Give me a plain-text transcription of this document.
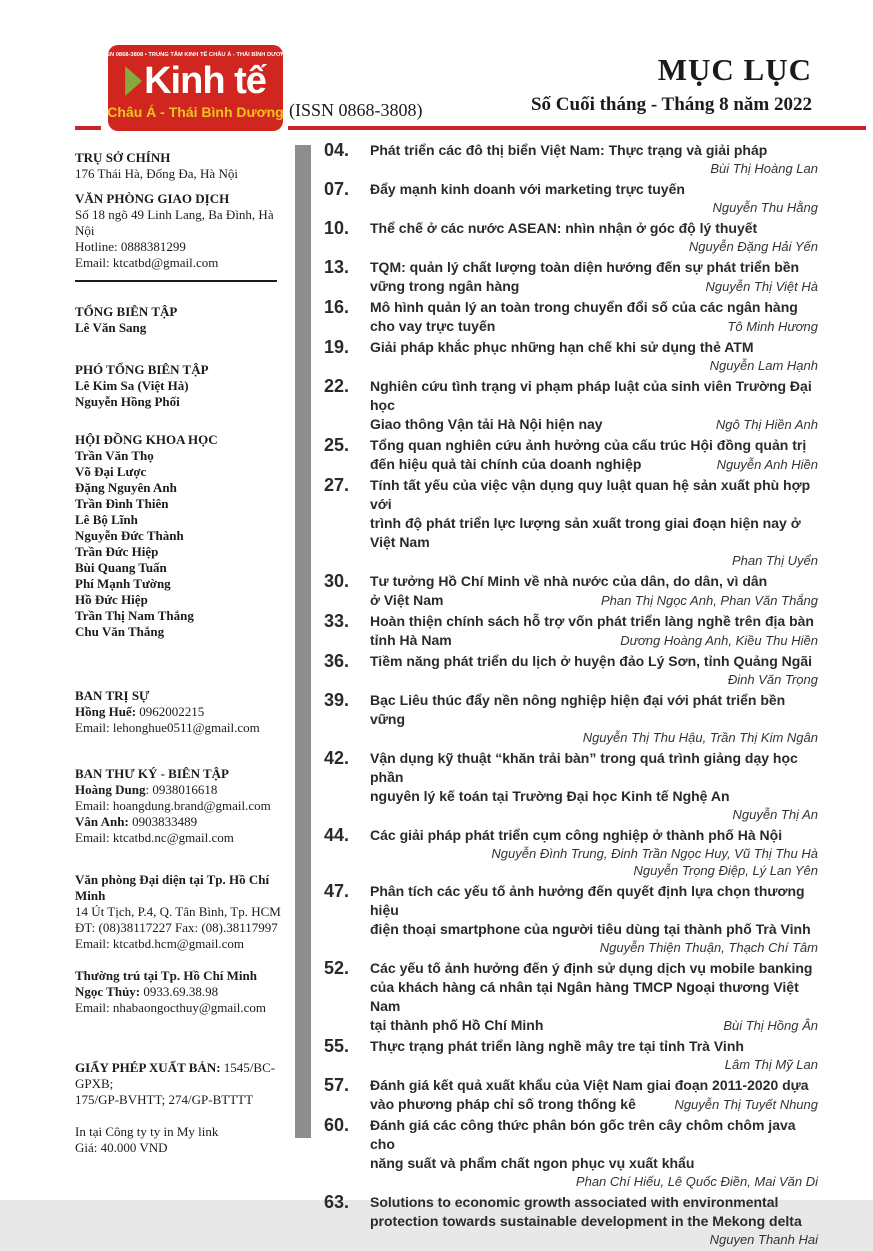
ISSN 0868-3808 • TRUNG TÂM KINH TẾ CHÂU Á - THÁI BÌNH DƯƠNG
Kinh tế
Châu Á - Thái Bình Dương (ISSN 0868-3808)
MỤC LỤC
Số Cuối tháng - Tháng 8 năm 2022
TRỤ SỞ CHÍNH
176 Thái Hà, Đống Đa, Hà Nội
VĂN PHÒNG GIAO DỊCH
Số 18 ngõ 49 Linh Lang, Ba Đình, Hà Nội
Hotline: 0888381299
Email: ktcatbd@gmail.com
TỔNG BIÊN TẬP
Lê Văn Sang
PHÓ TỔNG BIÊN TẬP
Lê Kim Sa (Việt Hà)
Nguyễn Hồng Phối
HỘI ĐỒNG KHOA HỌC
Trần Văn Thọ
Võ Đại Lược
Đặng Nguyên Anh
Trần Đình Thiên
Lê Bộ Lĩnh
Nguyễn Đức Thành
Trần Đức Hiệp
Bùi Quang Tuấn
Phí Mạnh Tường
Hồ Đức Hiệp
Trần Thị Nam Thắng
Chu Văn Thắng
BAN TRỊ SỰ
Hồng Huế: 0962002215
Email: lehonghue0511@gmail.com
BAN THƯ KÝ - BIÊN TẬP
Hoàng Dung: 0938016618
Email: hoangdung.brand@gmail.com
Vân Anh: 0903833489
Email: ktcatbd.nc@gmail.com
Văn phòng Đại diện tại Tp. Hồ Chí Minh
14 Út Tịch, P.4, Q. Tân Bình, Tp. HCM
ĐT: (08)38117227 Fax: (08).38117997
Email: ktcatbd.hcm@gmail.com
Thường trú tại Tp. Hồ Chí Minh
Ngọc Thủy: 0933.69.38.98
Email: nhabaongocthuy@gmail.com
GIẤY PHÉP XUẤT BẢN: 1545/BC-GPXB;
175/GP-BVHTT; 274/GP-BTTTT
In tại Công ty ty in My link
Giá: 40.000 VND
04.	Phát triển các đô thị biển Việt Nam: Thực trạng và giải pháp
Bùi Thị Hoàng Lan
07.	Đẩy mạnh kinh doanh với marketing trực tuyến
Nguyễn Thu Hằng
10.	Thể chế ở các nước ASEAN: nhìn nhận ở góc độ lý thuyết
Nguyễn Đặng Hải Yến
13.	TQM: quản lý chất lượng toàn diện hướng đến sự phát triển bền
vững trong ngân hàng	Nguyễn Thị Việt Hà
16.	Mô hình quản lý an toàn trong chuyển đổi số của các ngân hàng
cho vay trực tuyến	Tô Minh Hương
19.	Giải pháp khắc phục những hạn chế khi sử dụng thẻ ATM
Nguyễn Lam Hạnh
22.	Nghiên cứu tình trạng vi phạm pháp luật của sinh viên Trường Đại học
Giao thông Vận tải Hà Nội hiện nay	Ngô Thị Hiền Anh
25.	Tổng quan nghiên cứu ảnh hưởng của cấu trúc Hội đồng quản trị
đến hiệu quả tài chính của doanh nghiệp	Nguyễn Anh Hiền
27.	Tính tất yếu của việc vận dụng quy luật quan hệ sản xuất phù hợp với
trình độ phát triển lực lượng sản xuất trong giai đoạn hiện nay ở Việt Nam
Phan Thị Uyển
30.	Tư tưởng Hồ Chí Minh về nhà nước của dân, do dân, vì dân
ở Việt Nam	Phan Thị Ngọc Anh, Phan Văn Thắng
33.	Hoàn thiện chính sách hỗ trợ vốn phát triển làng nghề trên địa bàn
tỉnh Hà Nam	Dương Hoàng Anh, Kiều Thu Hiền
36.	Tiềm năng phát triển du lịch ở huyện đảo Lý Sơn, tỉnh Quảng Ngãi
Đinh Văn Trọng
39.	Bạc Liêu thúc đẩy nền nông nghiệp hiện đại với phát triển bền vững
Nguyễn Thị Thu Hậu, Trần Thị Kim Ngân
42.	Vận dụng kỹ thuật “khăn trải bàn” trong quá trình giảng dạy học phần
nguyên lý kế toán tại Trường Đại học Kinh tế Nghệ An
Nguyễn Thị An
44.	Các giải pháp phát triển cụm công nghiệp ở thành phố Hà Nội
Nguyễn Đình Trung, Đinh Trần Ngọc Huy, Vũ Thị Thu Hà
Nguyễn Trọng Điệp, Lý Lan Yên
47.	Phân tích các yếu tố ảnh hưởng đến quyết định lựa chọn thương hiệu
điện thoại smartphone của người tiêu dùng tại thành phố Trà Vinh
Nguyễn Thiện Thuận, Thạch Chí Tâm
52.	Các yếu tố ảnh hưởng đến ý định sử dụng dịch vụ mobile banking
của khách hàng cá nhân tại Ngân hàng TMCP Ngoại thương Việt Nam
tại thành phố Hồ Chí Minh	Bùi Thị Hồng Ân
55.	Thực trạng phát triển làng nghề mây tre tại tỉnh Trà Vinh
Lâm Thị Mỹ Lan
57.	Đánh giá kết quả xuất khẩu của Việt Nam giai đoạn 2011-2020 dựa
vào phương pháp chỉ số trong thống kê	Nguyễn Thị Tuyết Nhung
60.	Đánh giá các công thức phân bón gốc trên cây chôm chôm java cho
năng suất và phẩm chất ngon phục vụ xuất khẩu
Phan Chí Hiếu, Lê Quốc Điền, Mai Văn Di
63.	Solutions to economic growth associated with environmental
protection towards sustainable development in the Mekong delta
Nguyen Thanh Hai
